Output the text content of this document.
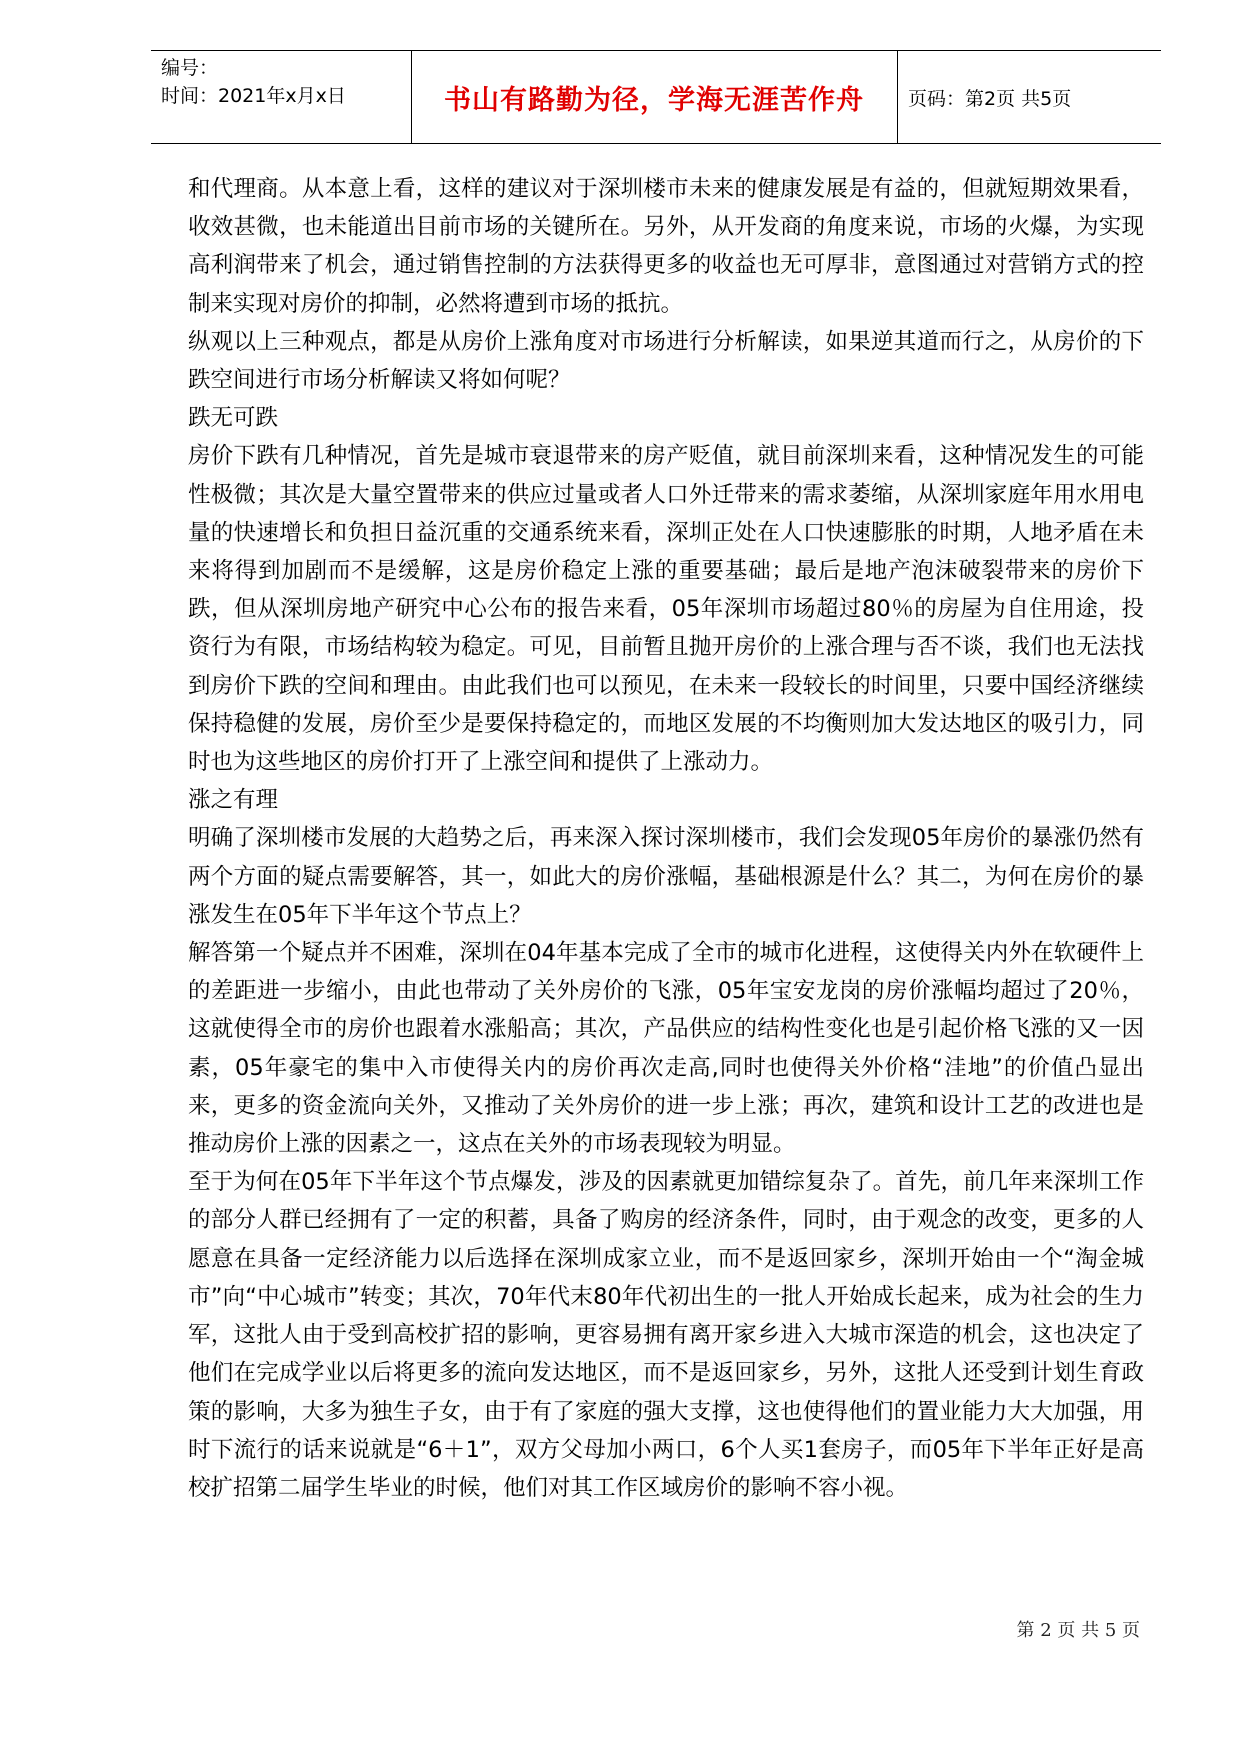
编号：
时间：2021年x月x日	书山有路勤为径，学海无涯苦作舟	页码：第2页 共5页

和代理商。从本意上看，这样的建议对于深圳楼市未来的健康发展是有益的，但就短期效果看，收效甚微，也未能道出目前市场的关键所在。另外，从开发商的角度来说，市场的火爆，为实现高利润带来了机会，通过销售控制的方法获得更多的收益也无可厚非，意图通过对营销方式的控制来实现对房价的抑制，必然将遭到市场的抵抗。

纵观以上三种观点，都是从房价上涨角度对市场进行分析解读，如果逆其道而行之，从房价的下跌空间进行市场分析解读又将如何呢？

跌无可跌

房价下跌有几种情况，首先是城市衰退带来的房产贬值，就目前深圳来看，这种情况发生的可能性极微；其次是大量空置带来的供应过量或者人口外迁带来的需求萎缩，从深圳家庭年用水用电量的快速增长和负担日益沉重的交通系统来看，深圳正处在人口快速膨胀的时期，人地矛盾在未来将得到加剧而不是缓解，这是房价稳定上涨的重要基础；最后是地产泡沫破裂带来的房价下跌，但从深圳房地产研究中心公布的报告来看，05年深圳市场超过80％的房屋为自住用途，投资行为有限，市场结构较为稳定。可见，目前暂且抛开房价的上涨合理与否不谈，我们也无法找到房价下跌的空间和理由。由此我们也可以预见，在未来一段较长的时间里，只要中国经济继续保持稳健的发展，房价至少是要保持稳定的，而地区发展的不均衡则加大发达地区的吸引力，同时也为这些地区的房价打开了上涨空间和提供了上涨动力。

涨之有理

明确了深圳楼市发展的大趋势之后，再来深入探讨深圳楼市，我们会发现05年房价的暴涨仍然有两个方面的疑点需要解答，其一，如此大的房价涨幅，基础根源是什么？其二，为何在房价的暴涨发生在05年下半年这个节点上？

解答第一个疑点并不困难，深圳在04年基本完成了全市的城市化进程，这使得关内外在软硬件上的差距进一步缩小，由此也带动了关外房价的飞涨，05年宝安龙岗的房价涨幅均超过了20％，这就使得全市的房价也跟着水涨船高；其次，产品供应的结构性变化也是引起价格飞涨的又一因素，05年豪宅的集中入市使得关内的房价再次走高,同时也使得关外价格“洼地”的价值凸显出来，更多的资金流向关外，又推动了关外房价的进一步上涨；再次，建筑和设计工艺的改进也是推动房价上涨的因素之一，这点在关外的市场表现较为明显。

至于为何在05年下半年这个节点爆发，涉及的因素就更加错综复杂了。首先，前几年来深圳工作的部分人群已经拥有了一定的积蓄，具备了购房的经济条件，同时，由于观念的改变，更多的人愿意在具备一定经济能力以后选择在深圳成家立业，而不是返回家乡，深圳开始由一个“淘金城市”向“中心城市”转变；其次，70年代末80年代初出生的一批人开始成长起来，成为社会的生力军，这批人由于受到高校扩招的影响，更容易拥有离开家乡进入大城市深造的机会，这也决定了他们在完成学业以后将更多的流向发达地区，而不是返回家乡，另外，这批人还受到计划生育政策的影响，大多为独生子女，由于有了家庭的强大支撑，这也使得他们的置业能力大大加强，用时下流行的话来说就是“6＋1”，双方父母加小两口，6个人买1套房子，而05年下半年正好是高校扩招第二届学生毕业的时候，他们对其工作区域房价的影响不容小视。

第 2 页 共 5 页
